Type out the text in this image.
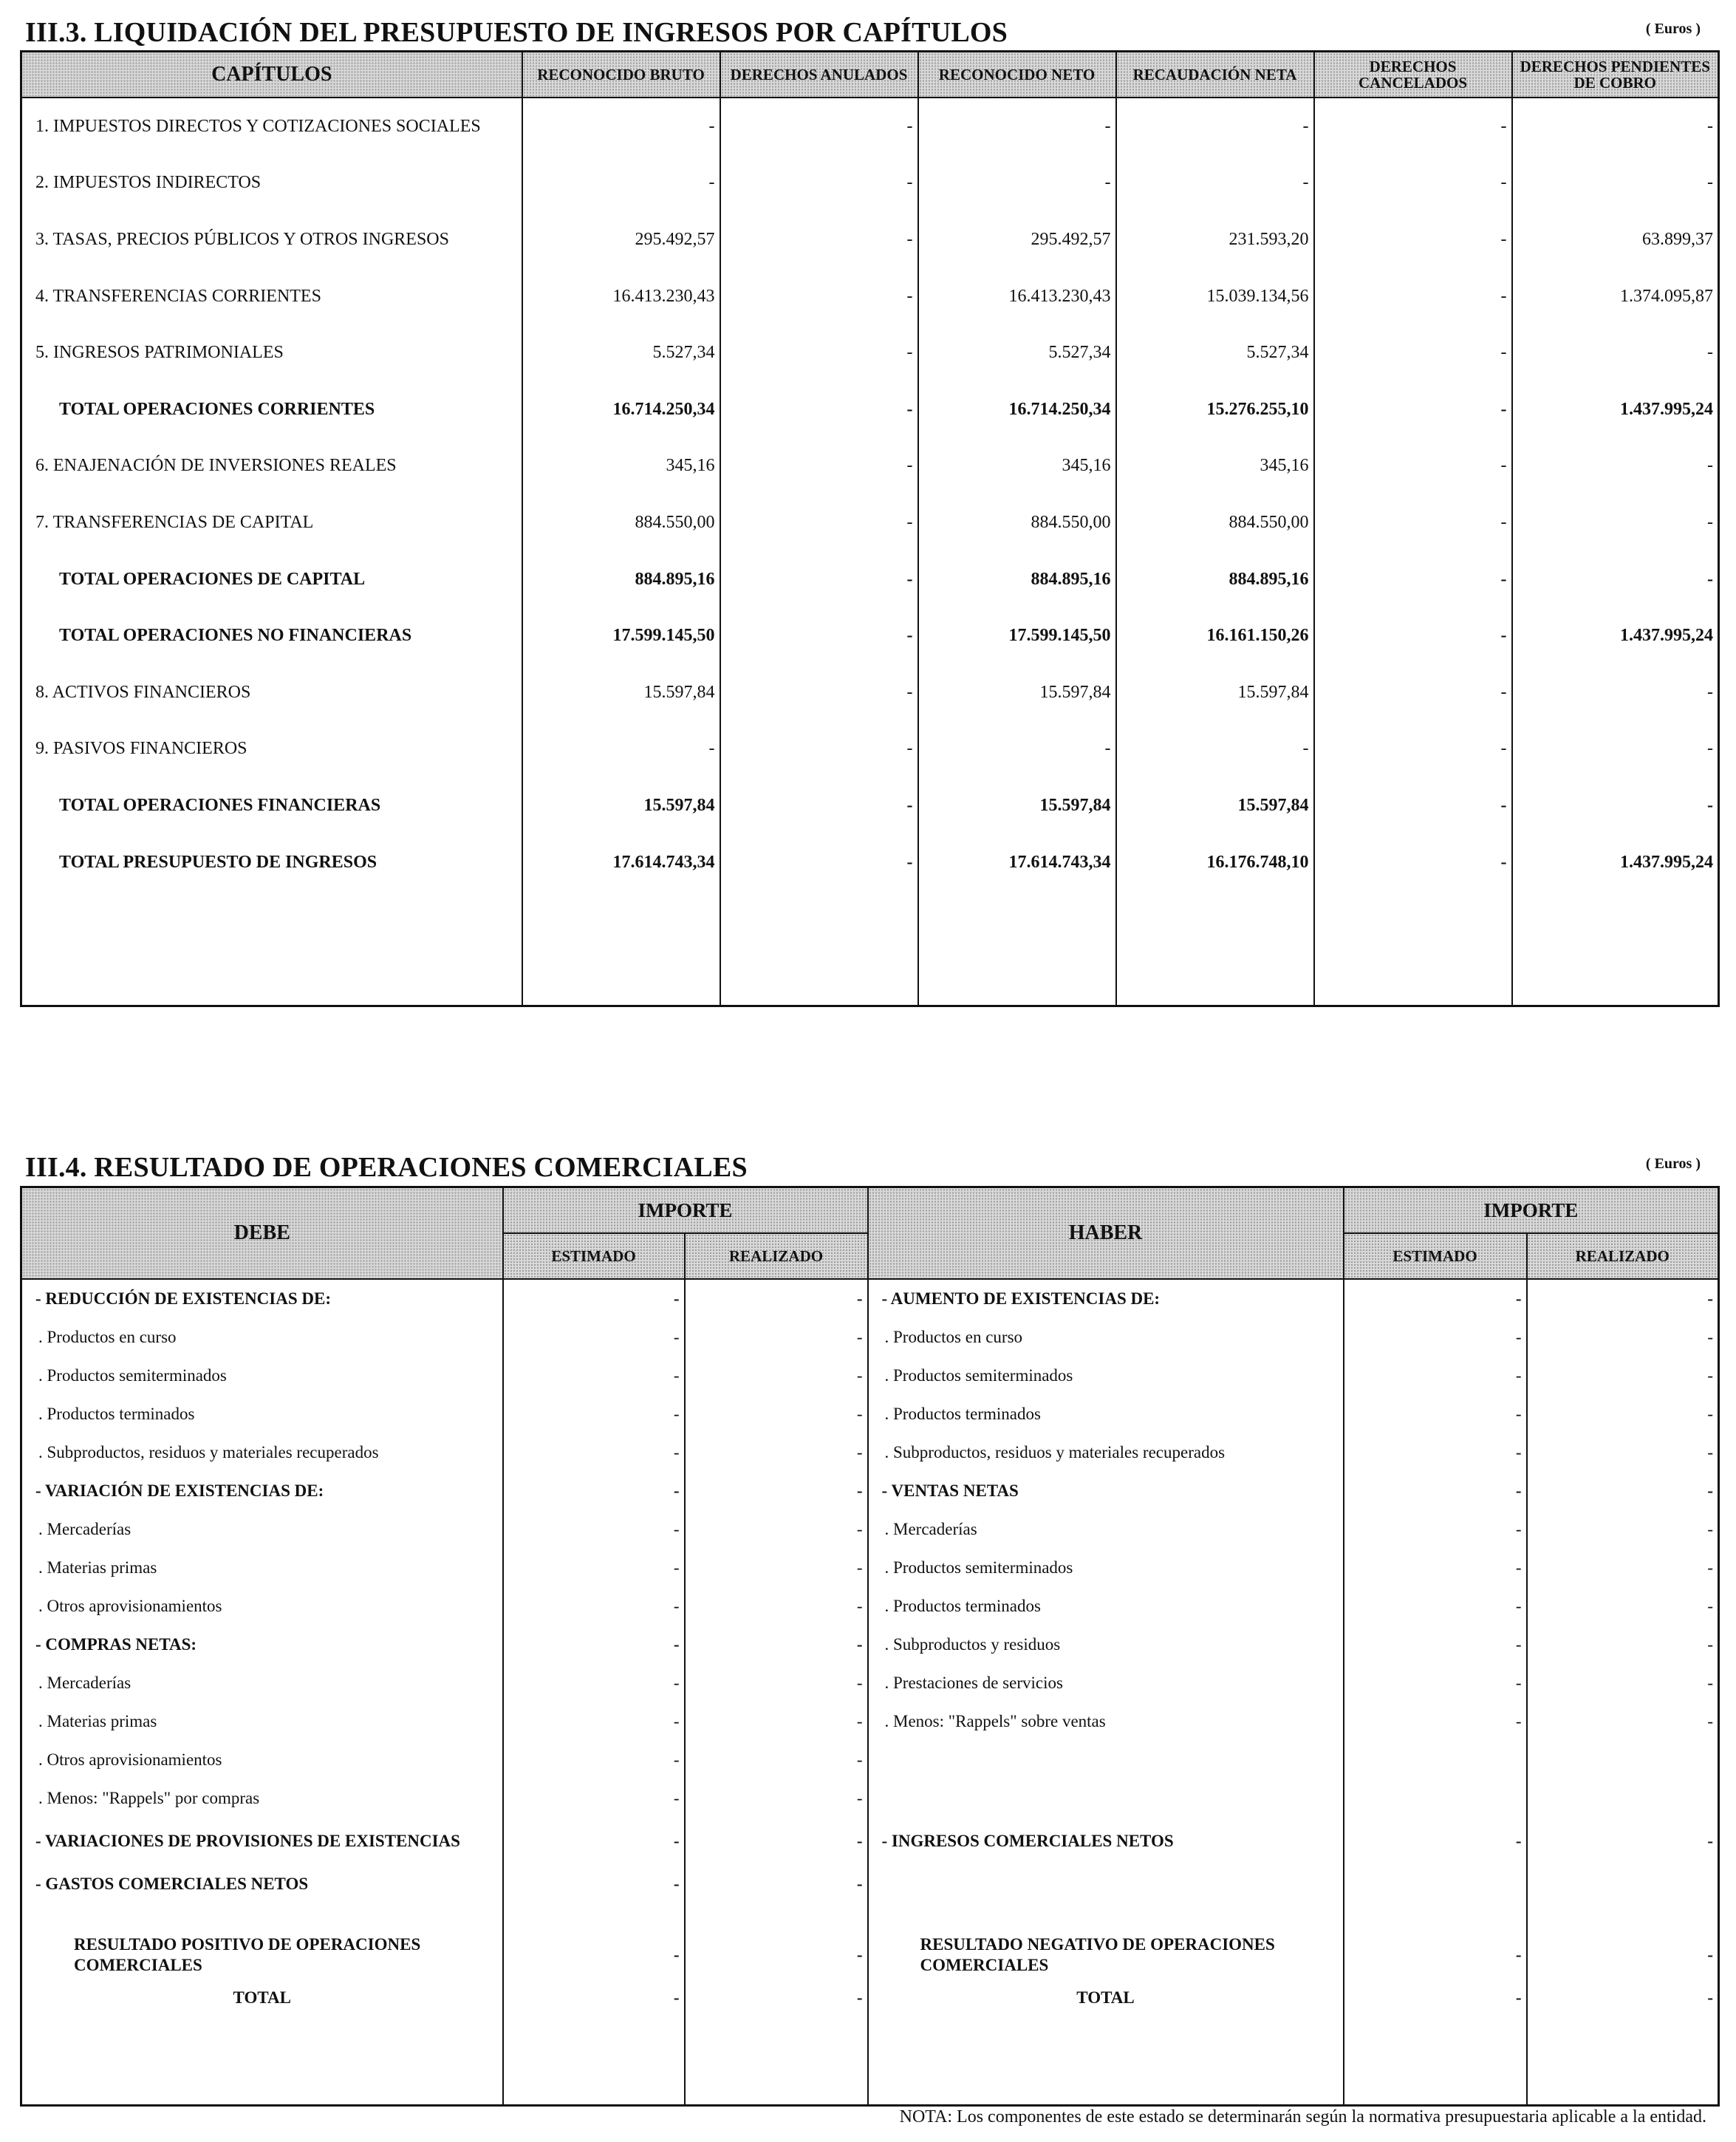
III.3. LIQUIDACIÓN DEL PRESUPUESTO DE INGRESOS POR CAPÍTULOS	( Euros )
CAPÍTULOS	RECONOCIDO BRUTO	DERECHOS ANULADOS	RECONOCIDO NETO	RECAUDACIÓN NETA	DERECHOS CANCELADOS	DERECHOS PENDIENTES DE COBRO
1. IMPUESTOS DIRECTOS Y COTIZACIONES SOCIALES	-	-	-	-	-	-
2. IMPUESTOS INDIRECTOS	-	-	-	-	-	-
3. TASAS, PRECIOS PÚBLICOS Y OTROS INGRESOS	295.492,57	-	295.492,57	231.593,20	-	63.899,37
4. TRANSFERENCIAS CORRIENTES	16.413.230,43	-	16.413.230,43	15.039.134,56	-	1.374.095,87
5. INGRESOS PATRIMONIALES	5.527,34	-	5.527,34	5.527,34	-	-
TOTAL OPERACIONES CORRIENTES	16.714.250,34	-	16.714.250,34	15.276.255,10	-	1.437.995,24
6. ENAJENACIÓN DE INVERSIONES REALES	345,16	-	345,16	345,16	-	-
7. TRANSFERENCIAS DE CAPITAL	884.550,00	-	884.550,00	884.550,00	-	-
TOTAL OPERACIONES DE CAPITAL	884.895,16	-	884.895,16	884.895,16	-	-
TOTAL OPERACIONES NO FINANCIERAS	17.599.145,50	-	17.599.145,50	16.161.150,26	-	1.437.995,24
8. ACTIVOS FINANCIEROS	15.597,84	-	15.597,84	15.597,84	-	-
9. PASIVOS FINANCIEROS	-	-	-	-	-	-
TOTAL OPERACIONES FINANCIERAS	15.597,84	-	15.597,84	15.597,84	-	-
TOTAL PRESUPUESTO DE INGRESOS	17.614.743,34	-	17.614.743,34	16.176.748,10	-	1.437.995,24

III.4. RESULTADO DE OPERACIONES COMERCIALES	( Euros )
DEBE	IMPORTE		HABER	IMPORTE	
	ESTIMADO	REALIZADO		ESTIMADO	REALIZADO
- REDUCCIÓN DE EXISTENCIAS DE:	-	-	- AUMENTO DE EXISTENCIAS DE:	-	-
. Productos en curso	-	-	. Productos en curso	-	-
. Productos semiterminados	-	-	. Productos semiterminados	-	-
. Productos terminados	-	-	. Productos terminados	-	-
. Subproductos, residuos y materiales recuperados	-	-	. Subproductos, residuos y materiales recuperados	-	-
- VARIACIÓN DE EXISTENCIAS DE:	-	-	- VENTAS NETAS	-	-
. Mercaderías	-	-	. Mercaderías	-	-
. Materias primas	-	-	. Productos semiterminados	-	-
. Otros aprovisionamientos	-	-	. Productos terminados	-	-
- COMPRAS NETAS:	-	-	. Subproductos y residuos	-	-
. Mercaderías	-	-	. Prestaciones de servicios	-	-
. Materias primas	-	-	. Menos: "Rappels" sobre ventas	-	-
. Otros aprovisionamientos	-	-			
. Menos: "Rappels" por compras	-	-			
- VARIACIONES DE PROVISIONES DE EXISTENCIAS	-	-	- INGRESOS COMERCIALES NETOS	-	-
- GASTOS COMERCIALES NETOS	-	-			

RESULTADO POSITIVO DE OPERACIONES COMERCIALES	-	-	RESULTADO NEGATIVO DE OPERACIONES COMERCIALES	-	-
TOTAL	-	-	TOTAL	-	-

NOTA: Los componentes de este estado se determinarán según la normativa presupuestaria aplicable a la entidad.
